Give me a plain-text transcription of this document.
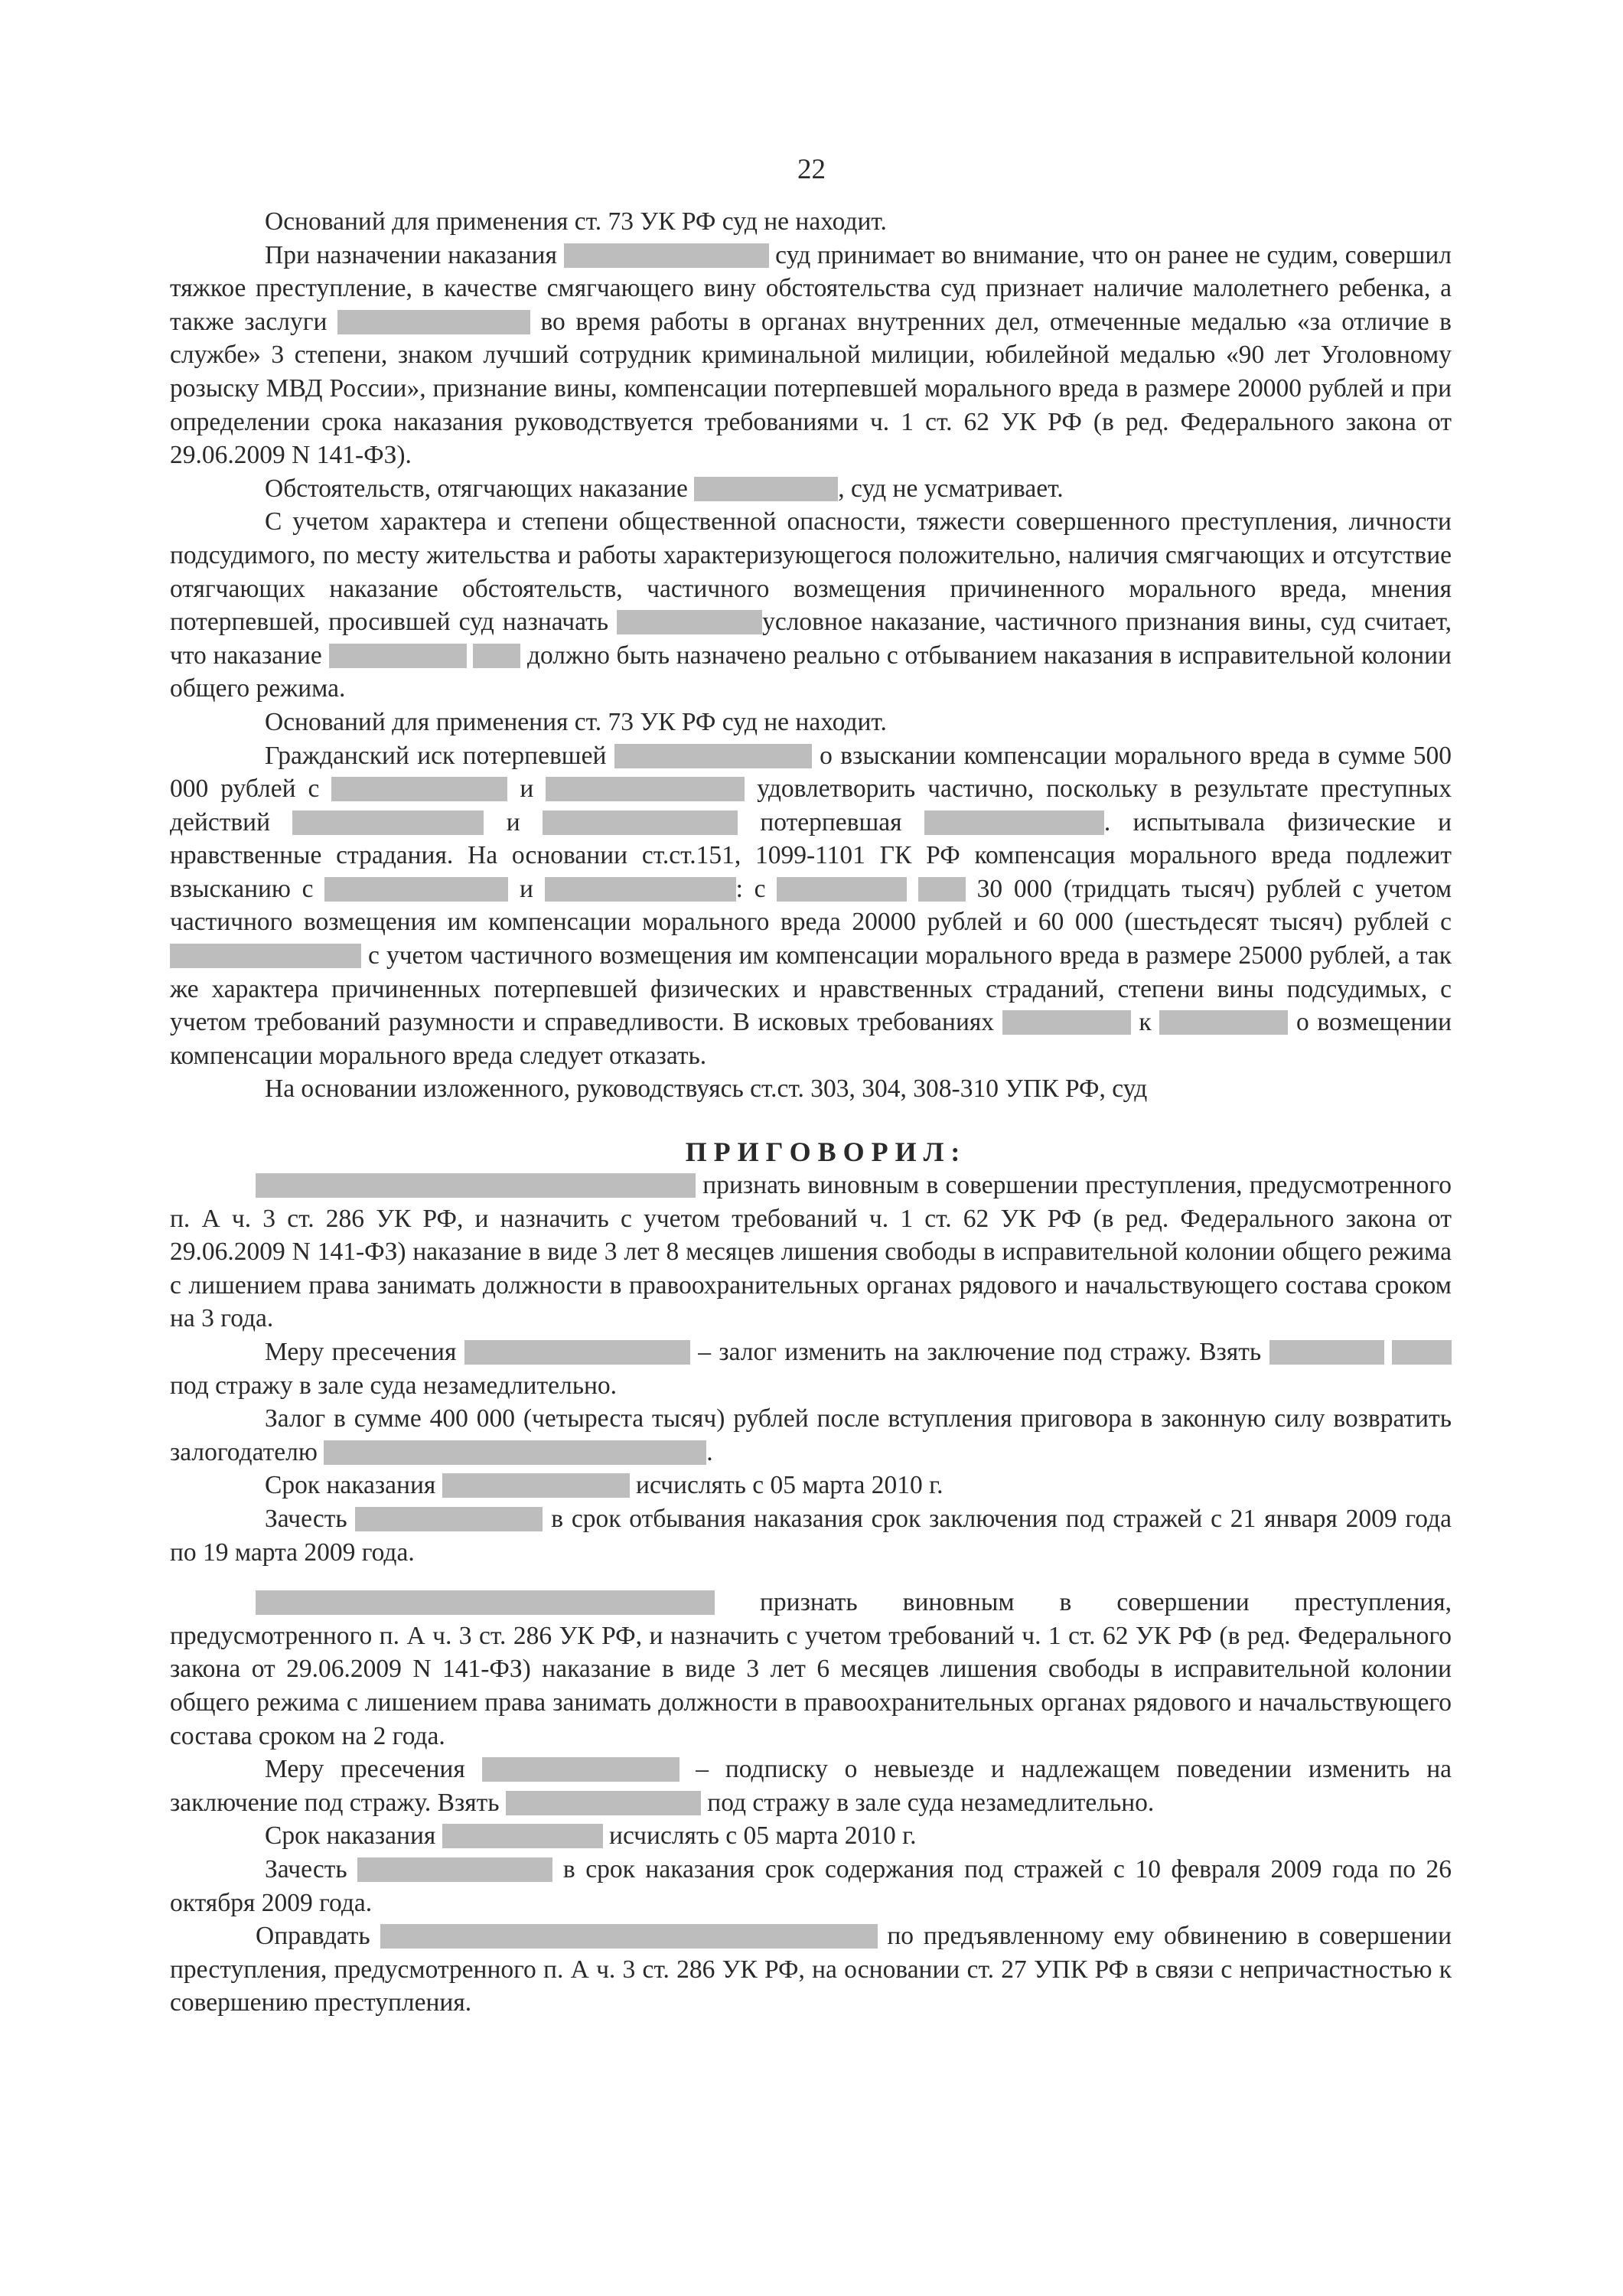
22

Оснований для применения ст. 73 УК РФ суд не находит.

При назначении наказания	суд принимает во внимание, что он ранее не судим, совершил тяжкое преступление, в качестве смягчающего вину обстоятельства суд признает наличие малолетнего ребенка, а также заслуги	во время работы в органах внутренних дел, отмеченные медалью «за отличие в службе» 3 степени, знаком лучший сотрудник криминальной милиции, юбилейной медалью «90 лет Уголовному розыску МВД России», признание вины, компенсации потерпевшей морального вреда в размере 20000 рублей и при определении срока наказания руководствуется требованиями ч. 1 ст. 62 УК РФ (в ред. Федерального закона от 29.06.2009 N 141-ФЗ).

Обстоятельств, отягчающих наказание	, суд не усматривает.

С учетом характера и степени общественной опасности, тяжести совершенного преступления, личности подсудимого, по месту жительства и работы характеризующегося положительно, наличия смягчающих и отсутствие отягчающих наказание обстоятельств, частичного возмещения причиненного морального вреда, мнения потерпевшей, просившей суд назначать	условное наказание, частичного признания вины, суд считает, что наказание	должно быть назначено реально с отбыванием наказания в исправительной колонии общего режима.

Оснований для применения ст. 73 УК РФ суд не находит.

Гражданский иск потерпевшей	о взыскании компенсации морального вреда в сумме 500 000 рублей с	и	удовлетворить частично, поскольку в результате преступных действий	и	потерпевшая	. испытывала физические и нравственные страдания. На основании ст.ст.151, 1099-1101 ГК РФ компенсация морального вреда подлежит взысканию с	и	: с	30 000 (тридцать тысяч) рублей с учетом частичного возмещения им компенсации морального вреда 20000 рублей и 60 000 (шестьдесят тысяч) рублей с  с учетом частичного возмещения им компенсации морального вреда в размере 25000 рублей, а так же характера причиненных потерпевшей физических и нравственных страданий, степени вины подсудимых, с учетом требований разумности и справедливости. В исковых требованиях	к	о возмещении компенсации морального вреда следует отказать.

На основании изложенного, руководствуясь ст.ст. 303, 304, 308-310 УПК РФ, суд

ПРИГОВОРИЛ:

признать виновным в совершении преступления, предусмотренного п. А ч. 3 ст. 286 УК РФ, и назначить с учетом требований ч. 1 ст. 62 УК РФ (в ред. Федерального закона от 29.06.2009 N 141-ФЗ) наказание в виде 3 лет 8 месяцев лишения свободы в исправительной колонии общего режима с лишением права занимать должности в правоохранительных органах рядового и начальствующего состава сроком на 3 года.

Меру пресечения	– залог изменить на заключение под стражу. Взять   под стражу в зале суда незамедлительно.

Залог в сумме 400 000 (четыреста тысяч) рублей после вступления приговора в законную силу возвратить залогодателю	.

Срок наказания	исчислять с 05 марта 2010 г.

Зачесть	в срок отбывания наказания срок заключения под стражей с 21 января 2009 года по 19 марта 2009 года.

признать виновным в совершении преступления, предусмотренного п. А ч. 3 ст. 286 УК РФ, и назначить с учетом требований ч. 1 ст. 62 УК РФ (в ред. Федерального закона от 29.06.2009 N 141-ФЗ) наказание в виде 3 лет 6 месяцев лишения свободы в исправительной колонии общего режима с лишением права занимать должности в правоохранительных органах рядового и начальствующего состава сроком на 2 года.

Меру пресечения	– подписку о невыезде и надлежащем поведении изменить на заключение под стражу. Взять	под стражу в зале суда незамедлительно.

Срок наказания	исчислять с 05 марта 2010 г.

Зачесть	в срок наказания срок содержания под стражей с 10 февраля 2009 года по 26 октября 2009 года.

Оправдать	по предъявленному ему обвинению в совершении преступления, предусмотренного п. А ч. 3 ст. 286 УК РФ, на основании ст. 27 УПК РФ в связи с непричастностью к совершению преступления.
